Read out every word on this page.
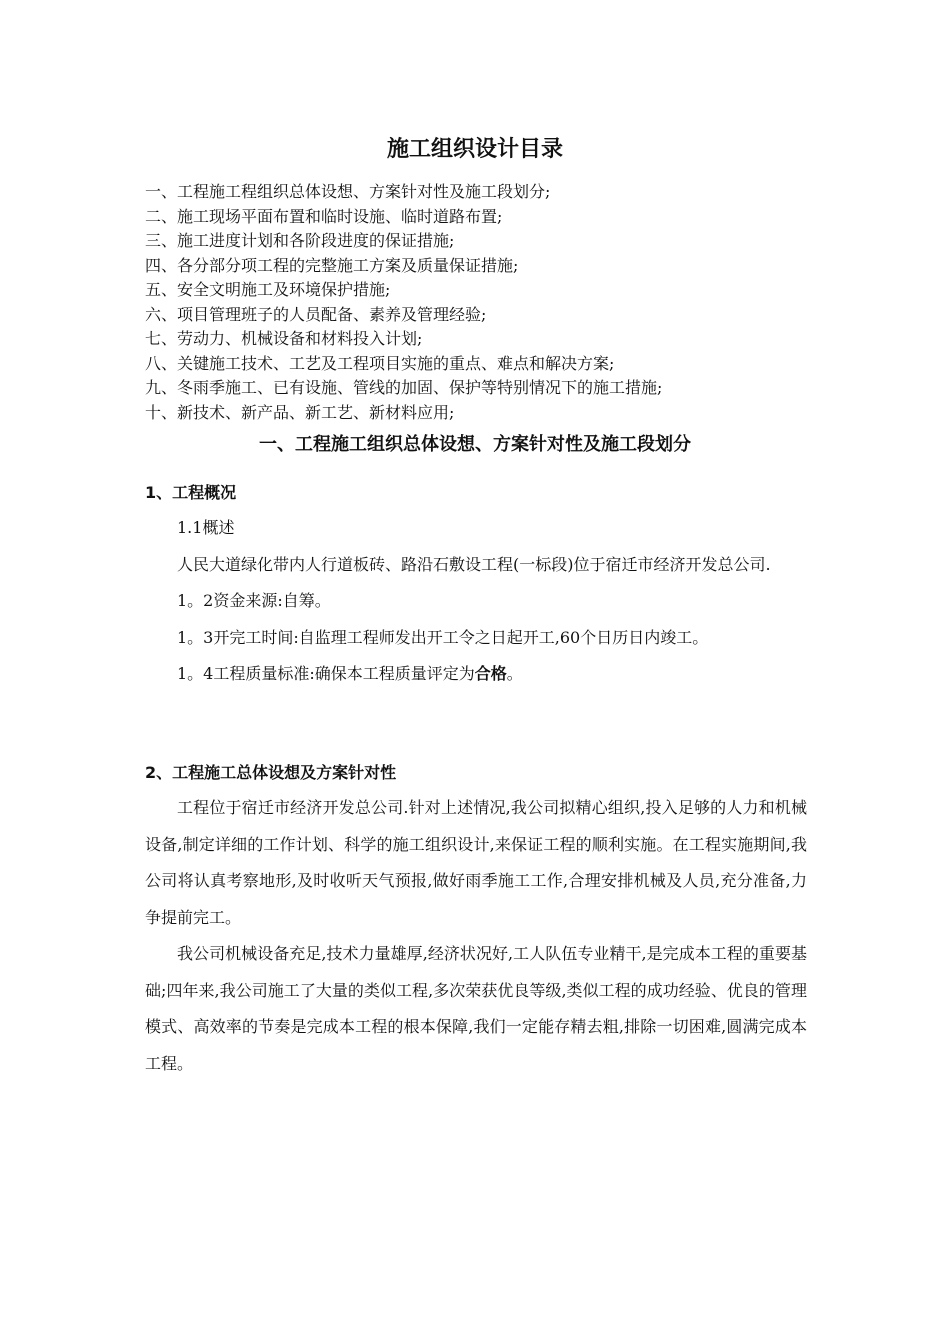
施工组织设计目录
一、工程施工程组织总体设想、方案针对性及施工段划分;
二、施工现场平面布置和临时设施、临时道路布置;
三、施工进度计划和各阶段进度的保证措施;
四、各分部分项工程的完整施工方案及质量保证措施;
五、安全文明施工及环境保护措施;
六、项目管理班子的人员配备、素养及管理经验;
七、劳动力、机械设备和材料投入计划;
八、关键施工技术、工艺及工程项目实施的重点、难点和解决方案;
九、冬雨季施工、已有设施、管线的加固、保护等特别情况下的施工措施;
十、新技术、新产品、新工艺、新材料应用;
一、工程施工组织总体设想、方案针对性及施工段划分
1、工程概况

1.1概述

人民大道绿化带内人行道板砖、路沿石敷设工程(一标段)位于宿迁市经济开发总公司.

1。2资金来源:自筹。

1。3开完工时间:自监理工程师发出开工令之日起开工,60个日历日内竣工。

1。4工程质量标准:确保本工程质量评定为合格。

2、工程施工总体设想及方案针对性

工程位于宿迁市经济开发总公司.针对上述情况,我公司拟精心组织,投入足够的人力和机械设备,制定详细的工作计划、科学的施工组织设计,来保证工程的顺利实施。在工程实施期间,我公司将认真考察地形,及时收听天气预报,做好雨季施工工作,合理安排机械及人员,充分准备,力争提前完工。

我公司机械设备充足,技术力量雄厚,经济状况好,工人队伍专业精干,是完成本工程的重要基础;四年来,我公司施工了大量的类似工程,多次荣获优良等级,类似工程的成功经验、优良的管理模式、高效率的节奏是完成本工程的根本保障,我们一定能存精去粗,排除一切困难,圆满完成本工程。
